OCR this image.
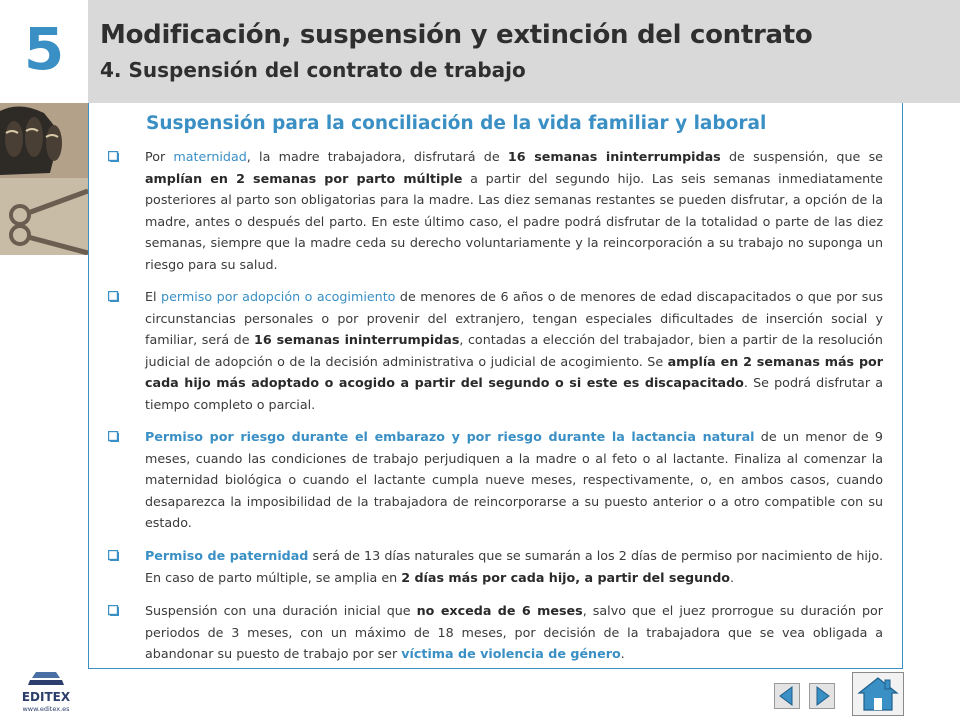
5 Modificación, suspensión y extinción del contrato
4. Suspensión del contrato de trabajo
Suspensión para la conciliación de la vida familiar y laboral

Por maternidad, la madre trabajadora, disfrutará de 16 semanas ininterrumpidas de suspensión, que se amplían en 2 semanas por parto múltiple a partir del segundo hijo. Las seis semanas inmediatamente posteriores al parto son obligatorias para la madre. Las diez semanas restantes se pueden disfrutar, a opción de la madre, antes o después del parto. En este último caso, el padre podrá disfrutar de la totalidad o parte de las diez semanas, siempre que la madre ceda su derecho voluntariamente y la reincorporación a su trabajo no suponga un riesgo para su salud.

El permiso por adopción o acogimiento de menores de 6 años o de menores de edad discapacitados o que por sus circunstancias personales o por provenir del extranjero, tengan especiales dificultades de inserción social y familiar, será de 16 semanas ininterrumpidas, contadas a elección del trabajador, bien a partir de la resolución judicial de adopción o de la decisión administrativa o judicial de acogimiento. Se amplía en 2 semanas más por cada hijo más adoptado o acogido a partir del segundo o si este es discapacitado. Se podrá disfrutar a tiempo completo o parcial.

Permiso por riesgo durante el embarazo y por riesgo durante la lactancia natural de un menor de 9 meses, cuando las condiciones de trabajo perjudiquen a la madre o al feto o al lactante. Finaliza al comenzar la maternidad biológica o cuando el lactante cumpla nueve meses, respectivamente, o, en ambos casos, cuando desaparezca la imposibilidad de la trabajadora de reincorporarse a su puesto anterior o a otro compatible con su estado.

Permiso de paternidad será de 13 días naturales que se sumarán a los 2 días de permiso por nacimiento de hijo. En caso de parto múltiple, se amplia en 2 días más por cada hijo, a partir del segundo.

Suspensión con una duración inicial que no exceda de 6 meses, salvo que el juez prorrogue su duración por periodos de 3 meses, con un máximo de 18 meses, por decisión de la trabajadora que se vea obligada a abandonar su puesto de trabajo por ser víctima de violencia de género.

EDITEX
www.editex.es
